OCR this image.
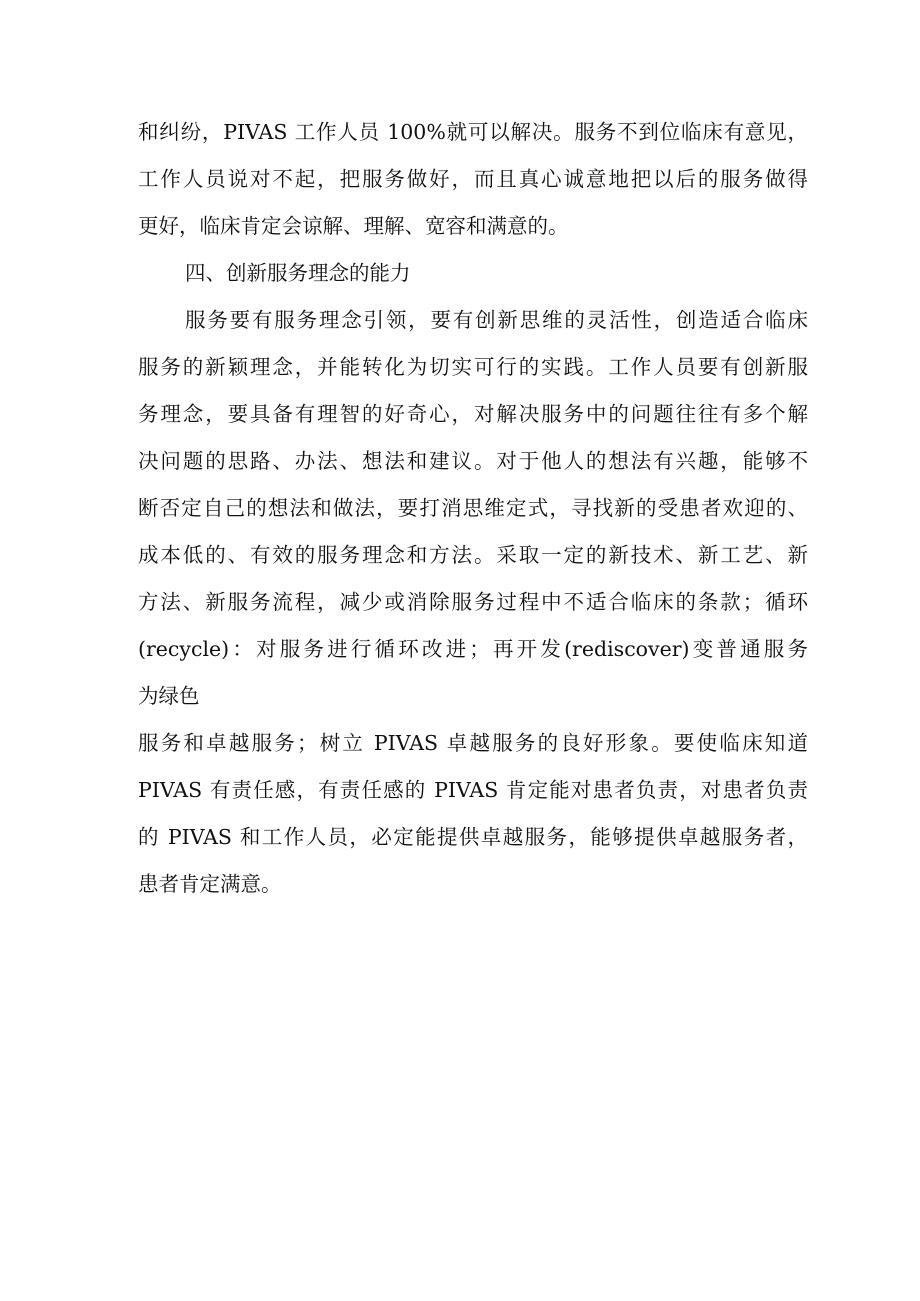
和纠纷，PIVAS 工作人员 100%就可以解决。服务不到位临床有意见，
工作人员说对不起，把服务做好，而且真心诚意地把以后的服务做得
更好，临床肯定会谅解、理解、宽容和满意的。
四、创新服务理念的能力
服务要有服务理念引领，要有创新思维的灵活性，创造适合临床
服务的新颖理念，并能转化为切实可行的实践。工作人员要有创新服
务理念，要具备有理智的好奇心，对解决服务中的问题往往有多个解
决问题的思路、办法、想法和建议。对于他人的想法有兴趣，能够不
断否定自己的想法和做法，要打消思维定式，寻找新的受患者欢迎的、
成本低的、有效的服务理念和方法。采取一定的新技术、新工艺、新
方法、新服务流程，减少或消除服务过程中不适合临床的条款；循环
(recycle)：对服务进行循环改进；再开发(rediscover)变普通服务
为绿色
服务和卓越服务；树立 PIVAS 卓越服务的良好形象。要使临床知道
PIVAS 有责任感，有责任感的 PIVAS 肯定能对患者负责，对患者负责
的 PIVAS 和工作人员，必定能提供卓越服务，能够提供卓越服务者，
患者肯定满意。
